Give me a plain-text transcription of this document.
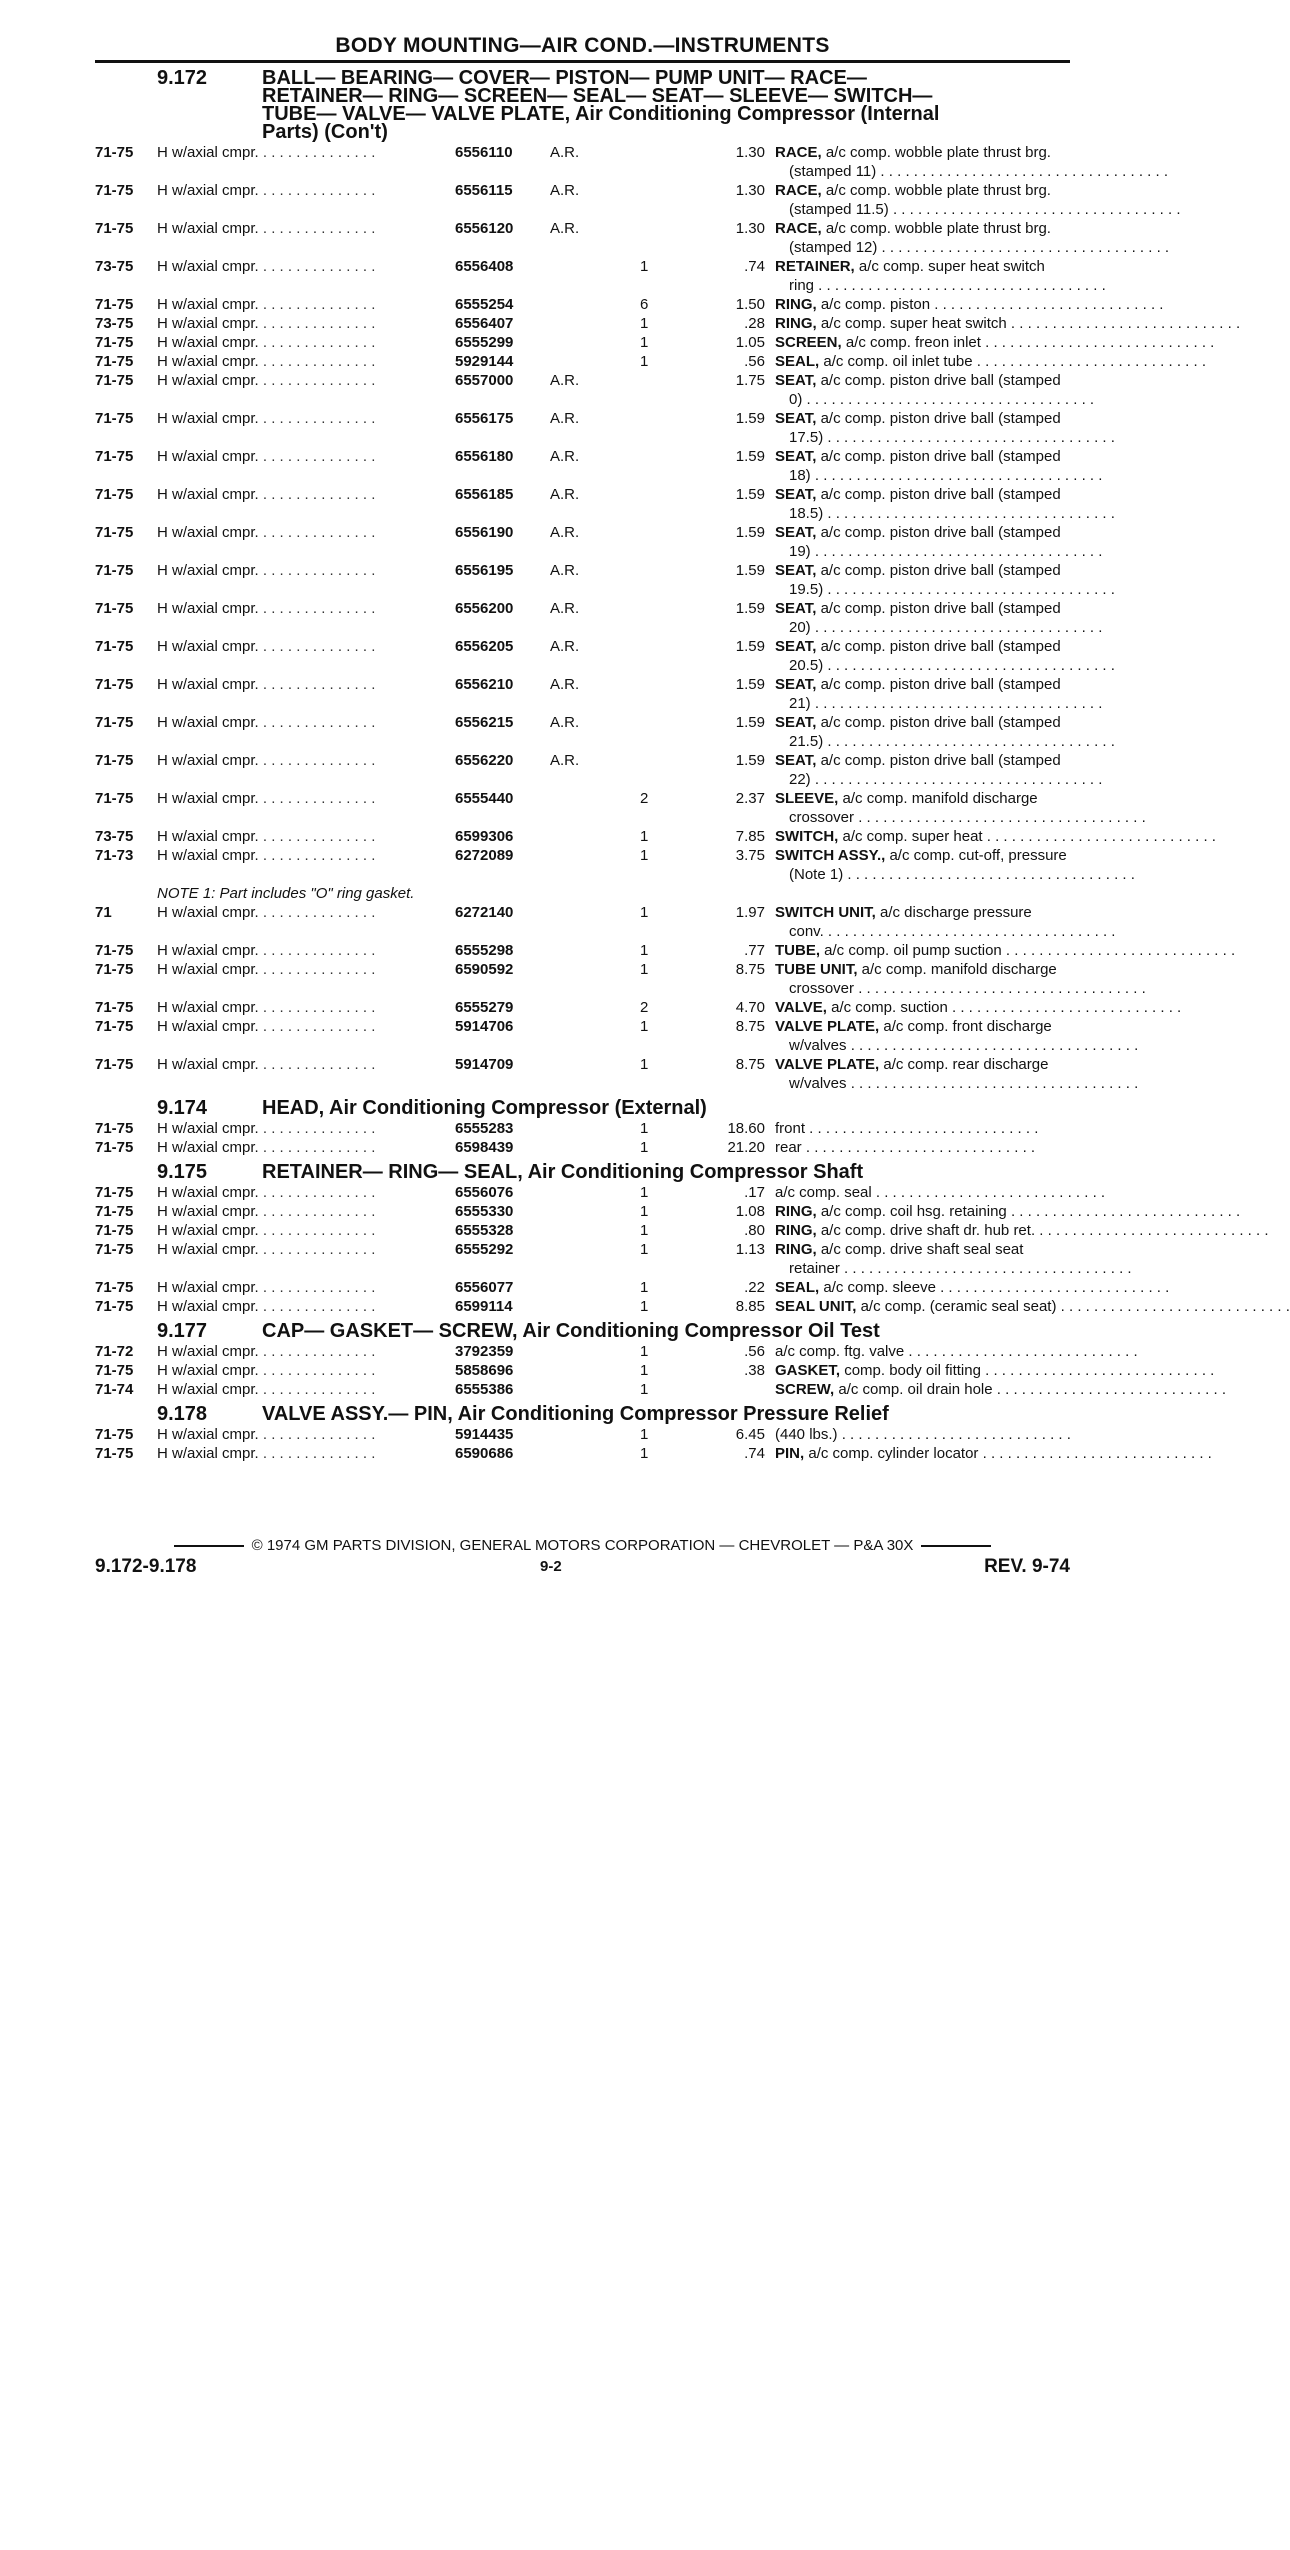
BODY MOUNTING—AIR COND.—INSTRUMENTS
9.172	BALL— BEARING— COVER— PISTON— PUMP UNIT— RACE—
RETAINER— RING— SCREEN— SEAL— SEAT— SLEEVE— SWITCH—
TUBE— VALVE— VALVE PLATE, Air Conditioning Compressor (Internal
Parts) (Con't)
71-75	H w/axial cmpr. . . . . . . . . . . . . . .	6556110	A.R.	1.30 RACE, a/c comp. wobble plate thrust brg.
(stamped 11) . . . . . . . . . . . . . . . . . . . . . . . . . . . . . . . . . . .
71-75	H w/axial cmpr. . . . . . . . . . . . . . .	6556115	A.R.	1.30 RACE, a/c comp. wobble plate thrust brg.
(stamped 11.5) . . . . . . . . . . . . . . . . . . . . . . . . . . . . . . . . . . .
71-75	H w/axial cmpr. . . . . . . . . . . . . . .	6556120	A.R.	1.30 RACE, a/c comp. wobble plate thrust brg.
(stamped 12) . . . . . . . . . . . . . . . . . . . . . . . . . . . . . . . . . . .
73-75	H w/axial cmpr. . . . . . . . . . . . . . .	6556408	1	.74 RETAINER, a/c comp. super heat switch
ring . . . . . . . . . . . . . . . . . . . . . . . . . . . . . . . . . . .
71-75	H w/axial cmpr. . . . . . . . . . . . . . .	6555254	6	1.50 RING, a/c comp. piston . . . . . . . . . . . . . . . . . . . . . . . . . . . .
73-75	H w/axial cmpr. . . . . . . . . . . . . . .	6556407	1	.28 RING, a/c comp. super heat switch . . . . . . . . . . . . . . . . . . . . . . . . . . . .
71-75	H w/axial cmpr. . . . . . . . . . . . . . .	6555299	1	1.05 SCREEN, a/c comp. freon inlet . . . . . . . . . . . . . . . . . . . . . . . . . . . .
71-75	H w/axial cmpr. . . . . . . . . . . . . . .	5929144	1	.56 SEAL, a/c comp. oil inlet tube . . . . . . . . . . . . . . . . . . . . . . . . . . . .
71-75	H w/axial cmpr. . . . . . . . . . . . . . .	6557000	A.R.	1.75 SEAT, a/c comp. piston drive ball (stamped
0) . . . . . . . . . . . . . . . . . . . . . . . . . . . . . . . . . . .
71-75	H w/axial cmpr. . . . . . . . . . . . . . .	6556175	A.R.	1.59 SEAT, a/c comp. piston drive ball (stamped
17.5) . . . . . . . . . . . . . . . . . . . . . . . . . . . . . . . . . . .
71-75	H w/axial cmpr. . . . . . . . . . . . . . .	6556180	A.R.	1.59 SEAT, a/c comp. piston drive ball (stamped
18) . . . . . . . . . . . . . . . . . . . . . . . . . . . . . . . . . . .
71-75	H w/axial cmpr. . . . . . . . . . . . . . .	6556185	A.R.	1.59 SEAT, a/c comp. piston drive ball (stamped
18.5) . . . . . . . . . . . . . . . . . . . . . . . . . . . . . . . . . . .
71-75	H w/axial cmpr. . . . . . . . . . . . . . .	6556190	A.R.	1.59 SEAT, a/c comp. piston drive ball (stamped
19) . . . . . . . . . . . . . . . . . . . . . . . . . . . . . . . . . . .
71-75	H w/axial cmpr. . . . . . . . . . . . . . .	6556195	A.R.	1.59 SEAT, a/c comp. piston drive ball (stamped
19.5) . . . . . . . . . . . . . . . . . . . . . . . . . . . . . . . . . . .
71-75	H w/axial cmpr. . . . . . . . . . . . . . .	6556200	A.R.	1.59 SEAT, a/c comp. piston drive ball (stamped
20) . . . . . . . . . . . . . . . . . . . . . . . . . . . . . . . . . . .
71-75	H w/axial cmpr. . . . . . . . . . . . . . .	6556205	A.R.	1.59 SEAT, a/c comp. piston drive ball (stamped
20.5) . . . . . . . . . . . . . . . . . . . . . . . . . . . . . . . . . . .
71-75	H w/axial cmpr. . . . . . . . . . . . . . .	6556210	A.R.	1.59 SEAT, a/c comp. piston drive ball (stamped
21) . . . . . . . . . . . . . . . . . . . . . . . . . . . . . . . . . . .
71-75	H w/axial cmpr. . . . . . . . . . . . . . .	6556215	A.R.	1.59 SEAT, a/c comp. piston drive ball (stamped
21.5) . . . . . . . . . . . . . . . . . . . . . . . . . . . . . . . . . . .
71-75	H w/axial cmpr. . . . . . . . . . . . . . .	6556220	A.R.	1.59 SEAT, a/c comp. piston drive ball (stamped
22) . . . . . . . . . . . . . . . . . . . . . . . . . . . . . . . . . . .
71-75	H w/axial cmpr. . . . . . . . . . . . . . .	6555440	2	2.37 SLEEVE, a/c comp. manifold discharge
crossover . . . . . . . . . . . . . . . . . . . . . . . . . . . . . . . . . . .
73-75	H w/axial cmpr. . . . . . . . . . . . . . .	6599306	1	7.85 SWITCH, a/c comp. super heat . . . . . . . . . . . . . . . . . . . . . . . . . . . .
71-73	H w/axial cmpr. . . . . . . . . . . . . . .	6272089	1	3.75 SWITCH ASSY., a/c comp. cut-off, pressure
(Note 1) . . . . . . . . . . . . . . . . . . . . . . . . . . . . . . . . . . .
NOTE 1: Part includes "O" ring gasket.
71	H w/axial cmpr. . . . . . . . . . . . . . .	6272140	1	1.97 SWITCH UNIT, a/c discharge pressure
conv. . . . . . . . . . . . . . . . . . . . . . . . . . . . . . . . . . . .
71-75	H w/axial cmpr. . . . . . . . . . . . . . .	6555298	1	.77 TUBE, a/c comp. oil pump suction . . . . . . . . . . . . . . . . . . . . . . . . . . . .
71-75	H w/axial cmpr. . . . . . . . . . . . . . .	6590592	1	8.75 TUBE UNIT, a/c comp. manifold discharge
crossover . . . . . . . . . . . . . . . . . . . . . . . . . . . . . . . . . . .
71-75	H w/axial cmpr. . . . . . . . . . . . . . .	6555279	2	4.70 VALVE, a/c comp. suction . . . . . . . . . . . . . . . . . . . . . . . . . . . .
71-75	H w/axial cmpr. . . . . . . . . . . . . . .	5914706	1	8.75 VALVE PLATE, a/c comp. front discharge
w/valves . . . . . . . . . . . . . . . . . . . . . . . . . . . . . . . . . . .
71-75	H w/axial cmpr. . . . . . . . . . . . . . .	5914709	1	8.75 VALVE PLATE, a/c comp. rear discharge
w/valves . . . . . . . . . . . . . . . . . . . . . . . . . . . . . . . . . . .
9.174	HEAD, Air Conditioning Compressor (External)
71-75	H w/axial cmpr. . . . . . . . . . . . . . .	6555283	1	18.60 front . . . . . . . . . . . . . . . . . . . . . . . . . . . .
71-75	H w/axial cmpr. . . . . . . . . . . . . . .	6598439	1	21.20 rear . . . . . . . . . . . . . . . . . . . . . . . . . . . .
9.175	RETAINER— RING— SEAL, Air Conditioning Compressor Shaft
71-75	H w/axial cmpr. . . . . . . . . . . . . . .	6556076	1	.17 a/c comp. seal . . . . . . . . . . . . . . . . . . . . . . . . . . . .
71-75	H w/axial cmpr. . . . . . . . . . . . . . .	6555330	1	1.08 RING, a/c comp. coil hsg. retaining . . . . . . . . . . . . . . . . . . . . . . . . . . . .
71-75	H w/axial cmpr. . . . . . . . . . . . . . .	6555328	1	.80 RING, a/c comp. drive shaft dr. hub ret. . . . . . . . . . . . . . . . . . . . . . . . . . . . .
71-75	H w/axial cmpr. . . . . . . . . . . . . . .	6555292	1	1.13 RING, a/c comp. drive shaft seal seat
retainer . . . . . . . . . . . . . . . . . . . . . . . . . . . . . . . . . . .
71-75	H w/axial cmpr. . . . . . . . . . . . . . .	6556077	1	.22 SEAL, a/c comp. sleeve . . . . . . . . . . . . . . . . . . . . . . . . . . . .
71-75	H w/axial cmpr. . . . . . . . . . . . . . .	6599114	1	8.85 SEAL UNIT, a/c comp. (ceramic seal seat) . . . . . . . . . . . . . . . . . . . . . . . . . . . .
9.177	CAP— GASKET— SCREW, Air Conditioning Compressor Oil Test
71-72	H w/axial cmpr. . . . . . . . . . . . . . .	3792359	1	.56 a/c comp. ftg. valve . . . . . . . . . . . . . . . . . . . . . . . . . . . .
71-75	H w/axial cmpr. . . . . . . . . . . . . . .	5858696	1	.38 GASKET, comp. body oil fitting . . . . . . . . . . . . . . . . . . . . . . . . . . . .
71-74	H w/axial cmpr. . . . . . . . . . . . . . .	6555386	1	SCREW, a/c comp. oil drain hole . . . . . . . . . . . . . . . . . . . . . . . . . . . .
9.178	VALVE ASSY.— PIN, Air Conditioning Compressor Pressure Relief
71-75	H w/axial cmpr. . . . . . . . . . . . . . .	5914435	1	6.45 (440 lbs.) . . . . . . . . . . . . . . . . . . . . . . . . . . . .
71-75	H w/axial cmpr. . . . . . . . . . . . . . .	6590686	1	.74 PIN, a/c comp. cylinder locator . . . . . . . . . . . . . . . . . . . . . . . . . . . .
© 1974 GM PARTS DIVISION, GENERAL MOTORS CORPORATION — CHEVROLET — P&A 30X
9.172-9.178	9-2	REV. 9-74
